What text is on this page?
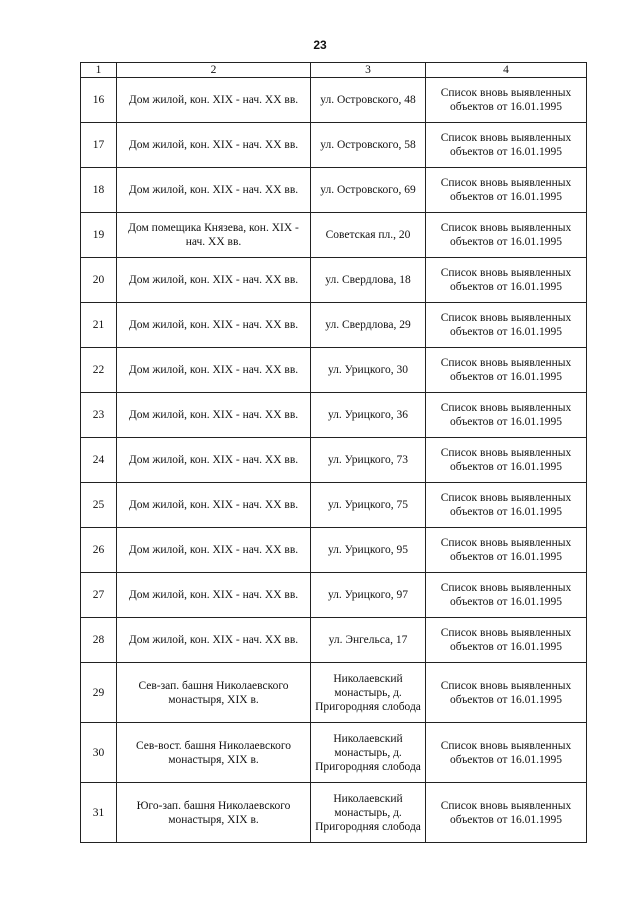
23
1	2	3	4
16	Дом жилой, кон. XIX - нач. XX вв.	ул. Островского, 48	Список вновь выявленных объектов от 16.01.1995
17	Дом жилой, кон. XIX - нач. XX вв.	ул. Островского, 58	Список вновь выявленных объектов от 16.01.1995
18	Дом жилой, кон. XIX - нач. XX вв.	ул. Островского, 69	Список вновь выявленных объектов от 16.01.1995
19	Дом помещика Князева, кон. XIX - нач. XX вв.	Советская пл., 20	Список вновь выявленных объектов от 16.01.1995
20	Дом жилой, кон. XIX - нач. XX вв.	ул. Свердлова, 18	Список вновь выявленных объектов от 16.01.1995
21	Дом жилой, кон. XIX - нач. XX вв.	ул. Свердлова, 29	Список вновь выявленных объектов от 16.01.1995
22	Дом жилой, кон. XIX - нач. XX вв.	ул. Урицкого, 30	Список вновь выявленных объектов от 16.01.1995
23	Дом жилой, кон. XIX - нач. XX вв.	ул. Урицкого, 36	Список вновь выявленных объектов от 16.01.1995
24	Дом жилой, кон. XIX - нач. XX вв.	ул. Урицкого, 73	Список вновь выявленных объектов от 16.01.1995
25	Дом жилой, кон. XIX - нач. XX вв.	ул. Урицкого, 75	Список вновь выявленных объектов от 16.01.1995
26	Дом жилой, кон. XIX - нач. XX вв.	ул. Урицкого, 95	Список вновь выявленных объектов от 16.01.1995
27	Дом жилой, кон. XIX - нач. XX вв.	ул. Урицкого, 97	Список вновь выявленных объектов от 16.01.1995
28	Дом жилой, кон. XIX - нач. XX вв.	ул. Энгельса, 17	Список вновь выявленных объектов от 16.01.1995
29	Сев-зап. башня Николаевского монастыря, XIX в.	Николаевский монастырь, д. Пригородняя слобода	Список вновь выявленных объектов от 16.01.1995
30	Сев-вост. башня Николаевского монастыря, XIX в.	Николаевский монастырь, д. Пригородняя слобода	Список вновь выявленных объектов от 16.01.1995
31	Юго-зап. башня Николаевского монастыря, XIX в.	Николаевский монастырь, д. Пригородняя слобода	Список вновь выявленных объектов от 16.01.1995
